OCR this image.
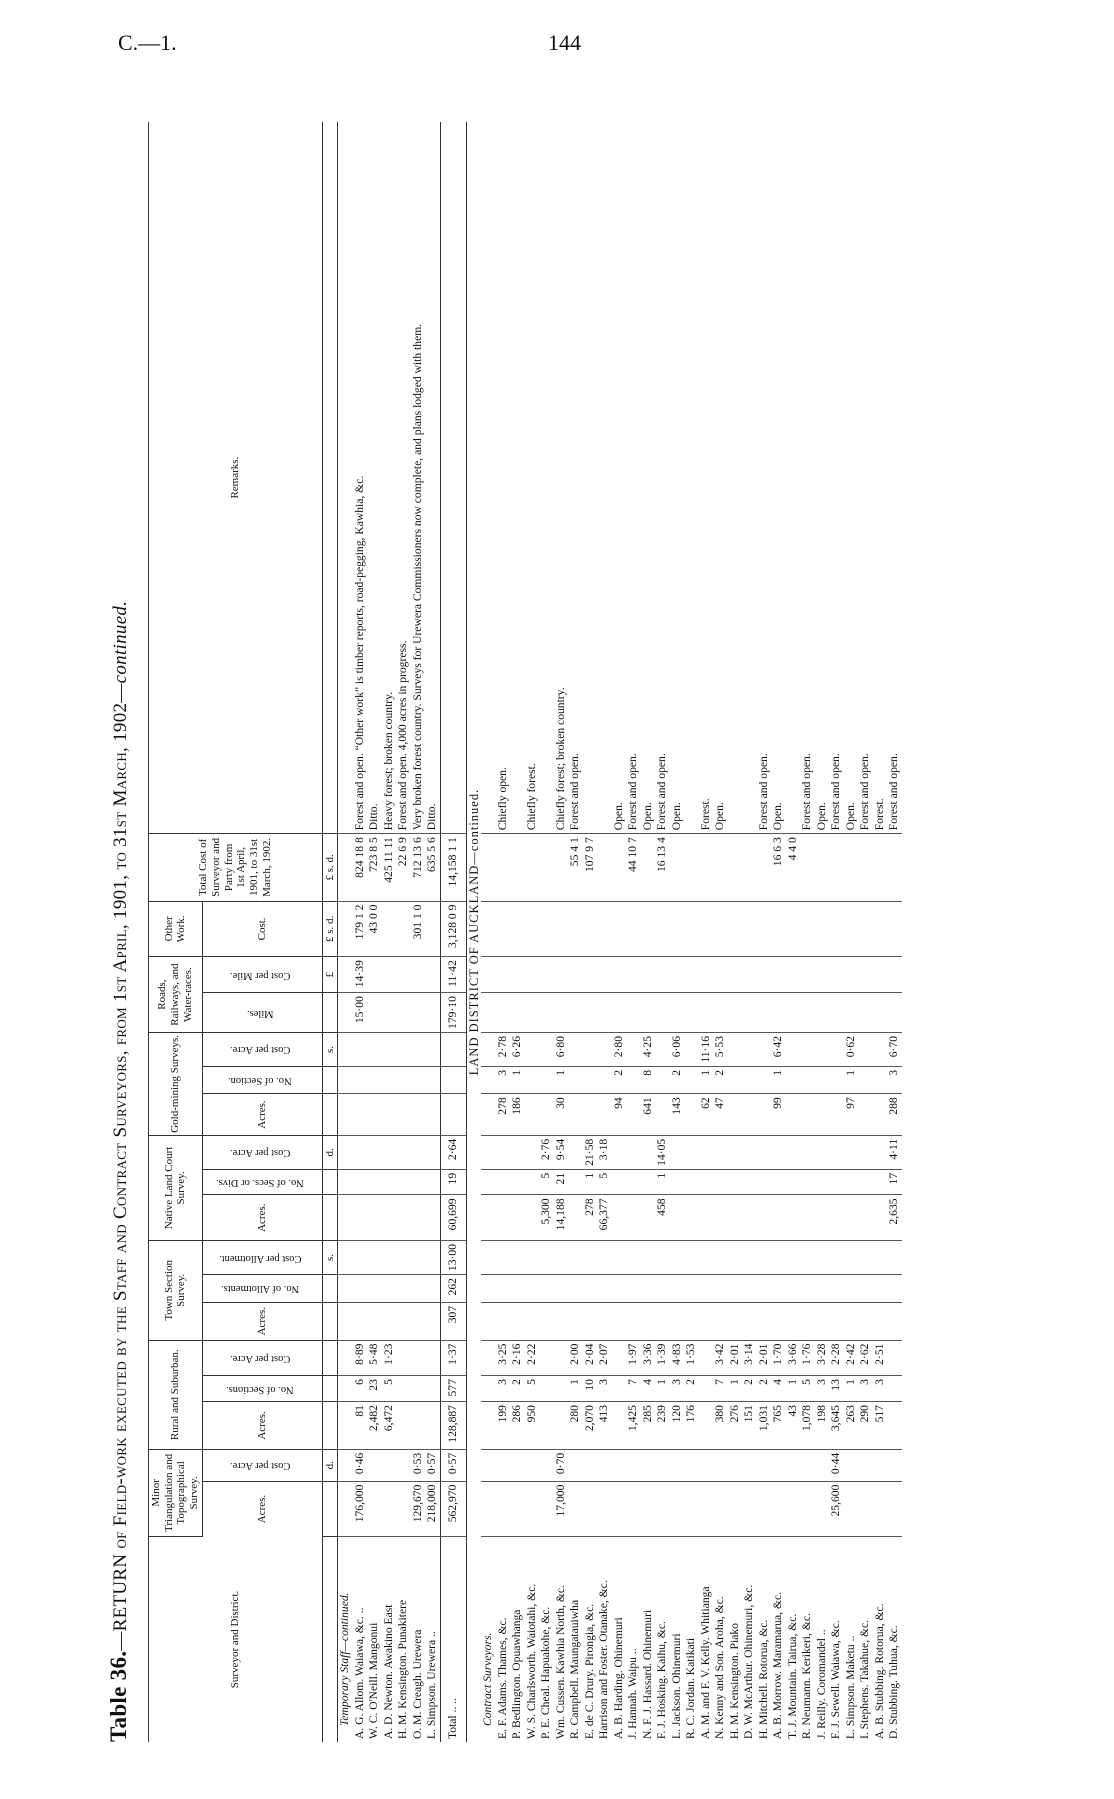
C.—1.	144
Table 36.—RETURN of Field-work executed by the Staff and Contract Surveyors, from 1st April, 1901, to 31st March, 1902—continued.
Surveyor and District.	Minor Triangulation and Topographical Survey.		Rural and Suburban.			Town Section Survey.			Native Land Court Survey.			Gold-mining Surveys.			Roads, Railways, and Water-races.		Other Work.	Total Cost of Surveyor and Party from 1st April, 1901, to 31st March, 1902.	Remarks.
	Acres.	Cost per Acre.	Acres.	No. of Sections.	Cost per Acre.	Acres.	No. of Allotments.	Cost per Allotment.	Acres.	No. of Secs. or Divs.	Cost per Acre.	Acres.	No. of Section.	Cost per Acre.	Miles.	Cost per Mile.	Cost.		
		d.						s.			d.			s.		£	£ s. d.	£ s. d.	
Temporary Staff—continued.																			
A. G. Allom. Waiawa, &c. ..	176,000	0·46	81	6	8·89										15·00	14·39	179 1 2	824 18 8	Forest and open. “Other work” is timber reports, road-pegging, Kawhia, &c.
W. C. O'Neill. Mangonui			2,482	23	5·48												43 0 0	723 8 5	Ditto.
A. D. Newton. Awakino East			6,472	5	1·23													425 11 11	Heavy forest; broken country.
H. M. Kensington. Punakitere																		22 6 9	Forest and open. 4,000 acres in progress.
O. M. Creagh. Urewera	129,670	0·53															301 1 0	712 13 6	Very broken forest country. Surveys for Urewera Commissioners now complete, and plans lodged with them.
L. Simpson. Urewera ..	218,000	0·57																635 5 6	Ditto.
Total .. ..	562,970	0·57	128,887	577	1·37	307	262	13·00	60,699	19	2·64				179·10	11·42	3,128 0 9	14,158 1 1	
LAND DISTRICT OF AUCKLAND—continued.																			
Contract Surveyors.																			
E. F. Adams. Thames, &c.			199	3	3·25							278	3	2·78					Chiefly open.
P. Bedlington. Opuawhanga			286	2	2·16							186	1	6·26					
W. S. Charlsworth. Waiotahi, &c.			950	5	2·22														Chiefly forest.
P. E. Cheal. Hapuakohe, &c.									5,300	5	2·76								
Wm. Cussen. Kawhia North, &c.	17,000	0·70							14,188	21	9·54	30	1	6·80					Chiefly forest; broken country.
R. Campbell. Maungatauiwha			280	1	2·00													55 4 1	Forest and open.
E. de C. Drury. Pirongia, &c.			2,070	10	2·04				278	1	21·58							107 9 7	
Harrison and Foster. Otanake, &c.			413	3	2·07				66,377	5	3·18								
A. B. Harding. Ohinemuri												94	2	2·80					Open.
J. Hannah. Waipu ..			1,425	7	1·97													44 10 7	Forest and open.
N. F. J. Hassard. Ohinemuri			285	4	3·36							641	8	4·25					Open.
F. J. Hosking. Kaihu, &c.			239	1	1·39				458	1	14·05							16 13 4	Forest and open.
L. Jackson. Ohinemuri			120	3	4·83							143	2	6·06					Open.
R. C. Jordan. Katikati			176	2	1·53														
A. M. and F. V. Kelly. Whitianga												62	1	11·16					Forest.
N. Kenny and Son. Aroha, &c.			380	7	3·42							47	2	5·53					Open.
H. M. Kensington. Piako			276	1	2·01														
D. W. McArthur. Ohinemuri, &c.			151	2	3·14														
H. Mitchell. Rotorua, &c.			1,031	2	2·01														Forest and open.
A. B. Morrow. Maramarua, &c.			765	4	1·70							99	1	6·42				16 6 3	Open.
T. J. Mountain. Tairua, &c.			43	1	3·66													4 4 0	
R. Neumann. Kerikeri, &c.			1,078	5	1·76														Forest and open.
J. Reilly. Coromandel ..			198	3	3·28														Open.
F. J. Sewell. Waiawa, &c.	25,600	0·44	3,645	13	2·28														Forest and open.
L. Simpson. Maketu ..			263	1	2·42							97	1	0·62					Open.
I. Stephens. Takahue, &c.			290	3	2·62														Forest and open.
A. B. Stubbing. Rotorua, &c.			517	3	2·51														Forest.
D. Stubbing. Tuhua, &c.									2,635	17	4·11	288	3	6·70					Forest and open.
